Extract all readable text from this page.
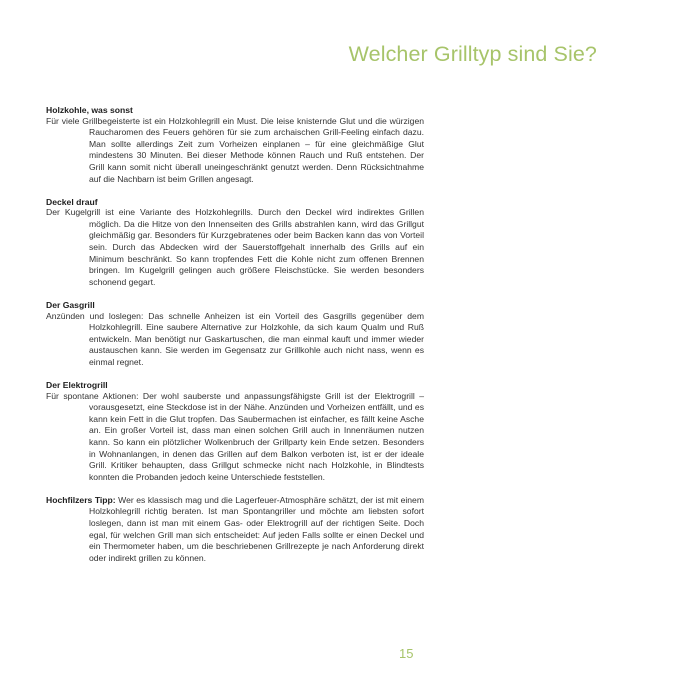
Welcher Grilltyp sind Sie?
Holzkohle, was sonst

Für viele Grillbegeisterte ist ein Holzkohlegrill ein Must. Die leise knisternde Glut und die würzigen Raucharomen des Feuers gehören für sie zum archaischen Grill-Feeling einfach dazu. Man sollte allerdings Zeit zum Vorheizen einplanen – für eine gleichmäßige Glut mindestens 30 Minuten. Bei dieser Methode können Rauch und Ruß entstehen. Der Grill kann somit nicht überall uneingeschränkt genutzt werden. Denn Rücksichtnahme auf die Nachbarn ist beim Grillen angesagt.

Deckel drauf

Der Kugelgrill ist eine Variante des Holzkohlegrills. Durch den Deckel wird indirektes Grillen möglich. Da die Hitze von den Innenseiten des Grills abstrahlen kann, wird das Grillgut gleichmäßig gar. Besonders für Kurzgebratenes oder beim Backen kann das von Vorteil sein. Durch das Abdecken wird der Sauerstoffgehalt innerhalb des Grills auf ein Minimum beschränkt. So kann tropfendes Fett die Kohle nicht zum offenen Brennen bringen. Im Kugelgrill gelingen auch größere Fleischstücke. Sie werden besonders schonend gegart.

Der Gasgrill

Anzünden und loslegen: Das schnelle Anheizen ist ein Vorteil des Gasgrills gegenüber dem Holzkohlegrill. Eine saubere Alternative zur Holzkohle, da sich kaum Qualm und Ruß entwickeln. Man benötigt nur Gaskartuschen, die man einmal kauft und immer wieder austauschen kann. Sie werden im Gegensatz zur Grillkohle auch nicht nass, wenn es einmal regnet.

Der Elektrogrill

Für spontane Aktionen: Der wohl sauberste und anpassungsfähigste Grill ist der Elektrogrill – vorausgesetzt, eine Steckdose ist in der Nähe. Anzünden und Vorheizen entfällt, und es kann kein Fett in die Glut tropfen. Das Saubermachen ist einfacher, es fällt keine Asche an. Ein großer Vorteil ist, dass man einen solchen Grill auch in Innenräumen nutzen kann. So kann ein plötzlicher Wolkenbruch der Grillparty kein Ende setzen. Besonders in Wohnanlangen, in denen das Grillen auf dem Balkon verboten ist, ist er der ideale Grill. Kritiker behaupten, dass Grillgut schmecke nicht nach Holzkohle, in Blindtests konnten die Probanden jedoch keine Unterschiede feststellen.

Hochfilzers Tipp: Wer es klassisch mag und die Lagerfeuer-Atmosphäre schätzt, der ist mit einem Holzkohlegrill richtig beraten. Ist man Spontangriller und möchte am liebsten sofort loslegen, dann ist man mit einem Gas- oder Elektrogrill auf der richtigen Seite. Doch egal, für welchen Grill man sich entscheidet: Auf jeden Falls sollte er einen Deckel und ein Thermometer haben, um die beschriebenen Grillrezepte je nach Anforderung direkt oder indirekt grillen zu können.

15
